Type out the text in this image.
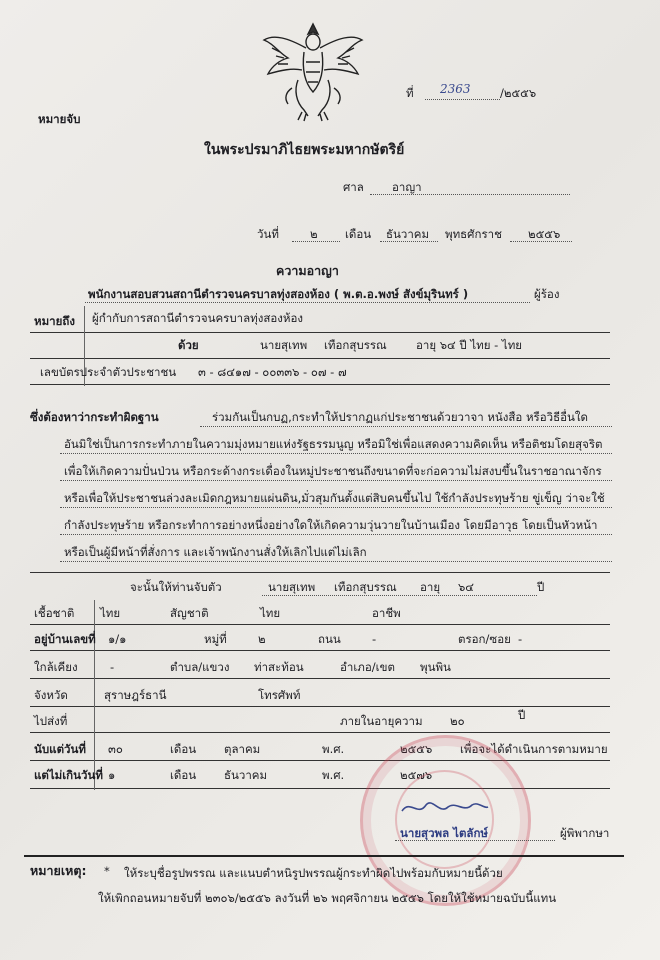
หมายจับ
ที่ 2363	/๒๕๕๖
ในพระปรมาภิไธยพระมหากษัตริย์
ศาล อาญา
วันที่	๒ เดือน ธันวาคม พุทธศักราช ๒๕๕๖
ความอาญา
พนักงานสอบสวนสถานีตำรวจนครบาลทุ่งสองห้อง ( พ.ต.อ.พงษ์ สังข์มุรินทร์ )	ผู้ร้อง
หมายถึง ผู้กำกับการสถานีตำรวจนครบาลทุ่งสองห้อง
ด้วย	นายสุเทพ เทือกสุบรรณ	อายุ ๖๔ ปี ไทย - ไทย
เลขบัตรประจำตัวประชาชน ๓ - ๘๔๑๗ - ๐๐๓๓๖ - ๐๗ - ๗
ซึ่งต้องหาว่ากระทำผิดฐาน	ร่วมกันเป็นกบฏ,กระทำให้ปรากฏแก่ประชาชนด้วยวาจา หนังสือ หรือวิธีอื่นใด
อันมิใช่เป็นการกระทำภายในความมุ่งหมายแห่งรัฐธรรมนูญ หรือมิใช่เพื่อแสดงความคิดเห็น หรือติชมโดยสุจริต
เพื่อให้เกิดความปั่นป่วน หรือกระด้างกระเดื่องในหมู่ประชาชนถึงขนาดที่จะก่อความไม่สงบขึ้นในราชอาณาจักร
หรือเพื่อให้ประชาชนล่วงละเมิดกฎหมายแผ่นดิน,มั่วสุมกันตั้งแต่สิบคนขึ้นไป ใช้กำลังประทุษร้าย ขู่เข็ญ ว่าจะใช้
กำลังประทุษร้าย หรือกระทำการอย่างหนึ่งอย่างใดให้เกิดความวุ่นวายในบ้านเมือง โดยมีอาวุธ โดยเป็นหัวหน้า
หรือเป็นผู้มีหน้าที่สั่งการ และเจ้าพนักงานสั่งให้เลิกไปแต่ไม่เลิก
จะนั้นให้ท่านจับตัว	นายสุเทพ เทือกสุบรรณ อายุ ๖๔	ปี
เชื้อชาติ ไทย	สัญชาติ	ไทย	อาชีพ
อยู่บ้านเลขที่ ๑/๑	หมู่ที่	๒	ถนน	-	ตรอก/ซอย -
ใกล้เคียง	-	ตำบล/แขวง ท่าสะท้อน	อำเภอ/เขต พุนพิน
จังหวัด	สุราษฎร์ธานี	โทรศัพท์
ไปส่งที่	ภายในอายุความ ๒๐	ปี
นับแต่วันที่ ๓๐	เดือน ตุลาคม	พ.ศ.	๒๕๕๖ เพื่อจะได้ดำเนินการตามหมาย
แต่ไม่เกินวันที่ ๑	เดือน ธันวาคม	พ.ศ.	๒๕๗๖
นายสุวพล ไตลักษ์	ผู้พิพากษา
หมายเหตุ: * ให้ระบุชื่อรูปพรรณ และแนบตำหนิรูปพรรณผู้กระทำผิดไปพร้อมกับหมายนี้ด้วย
ให้เพิกถอนหมายจับที่ ๒๓๐๖/๒๕๕๖ ลงวันที่ ๒๖ พฤศจิกายน ๒๕๕๖ โดยให้ใช้หมายฉบับนี้แทน
